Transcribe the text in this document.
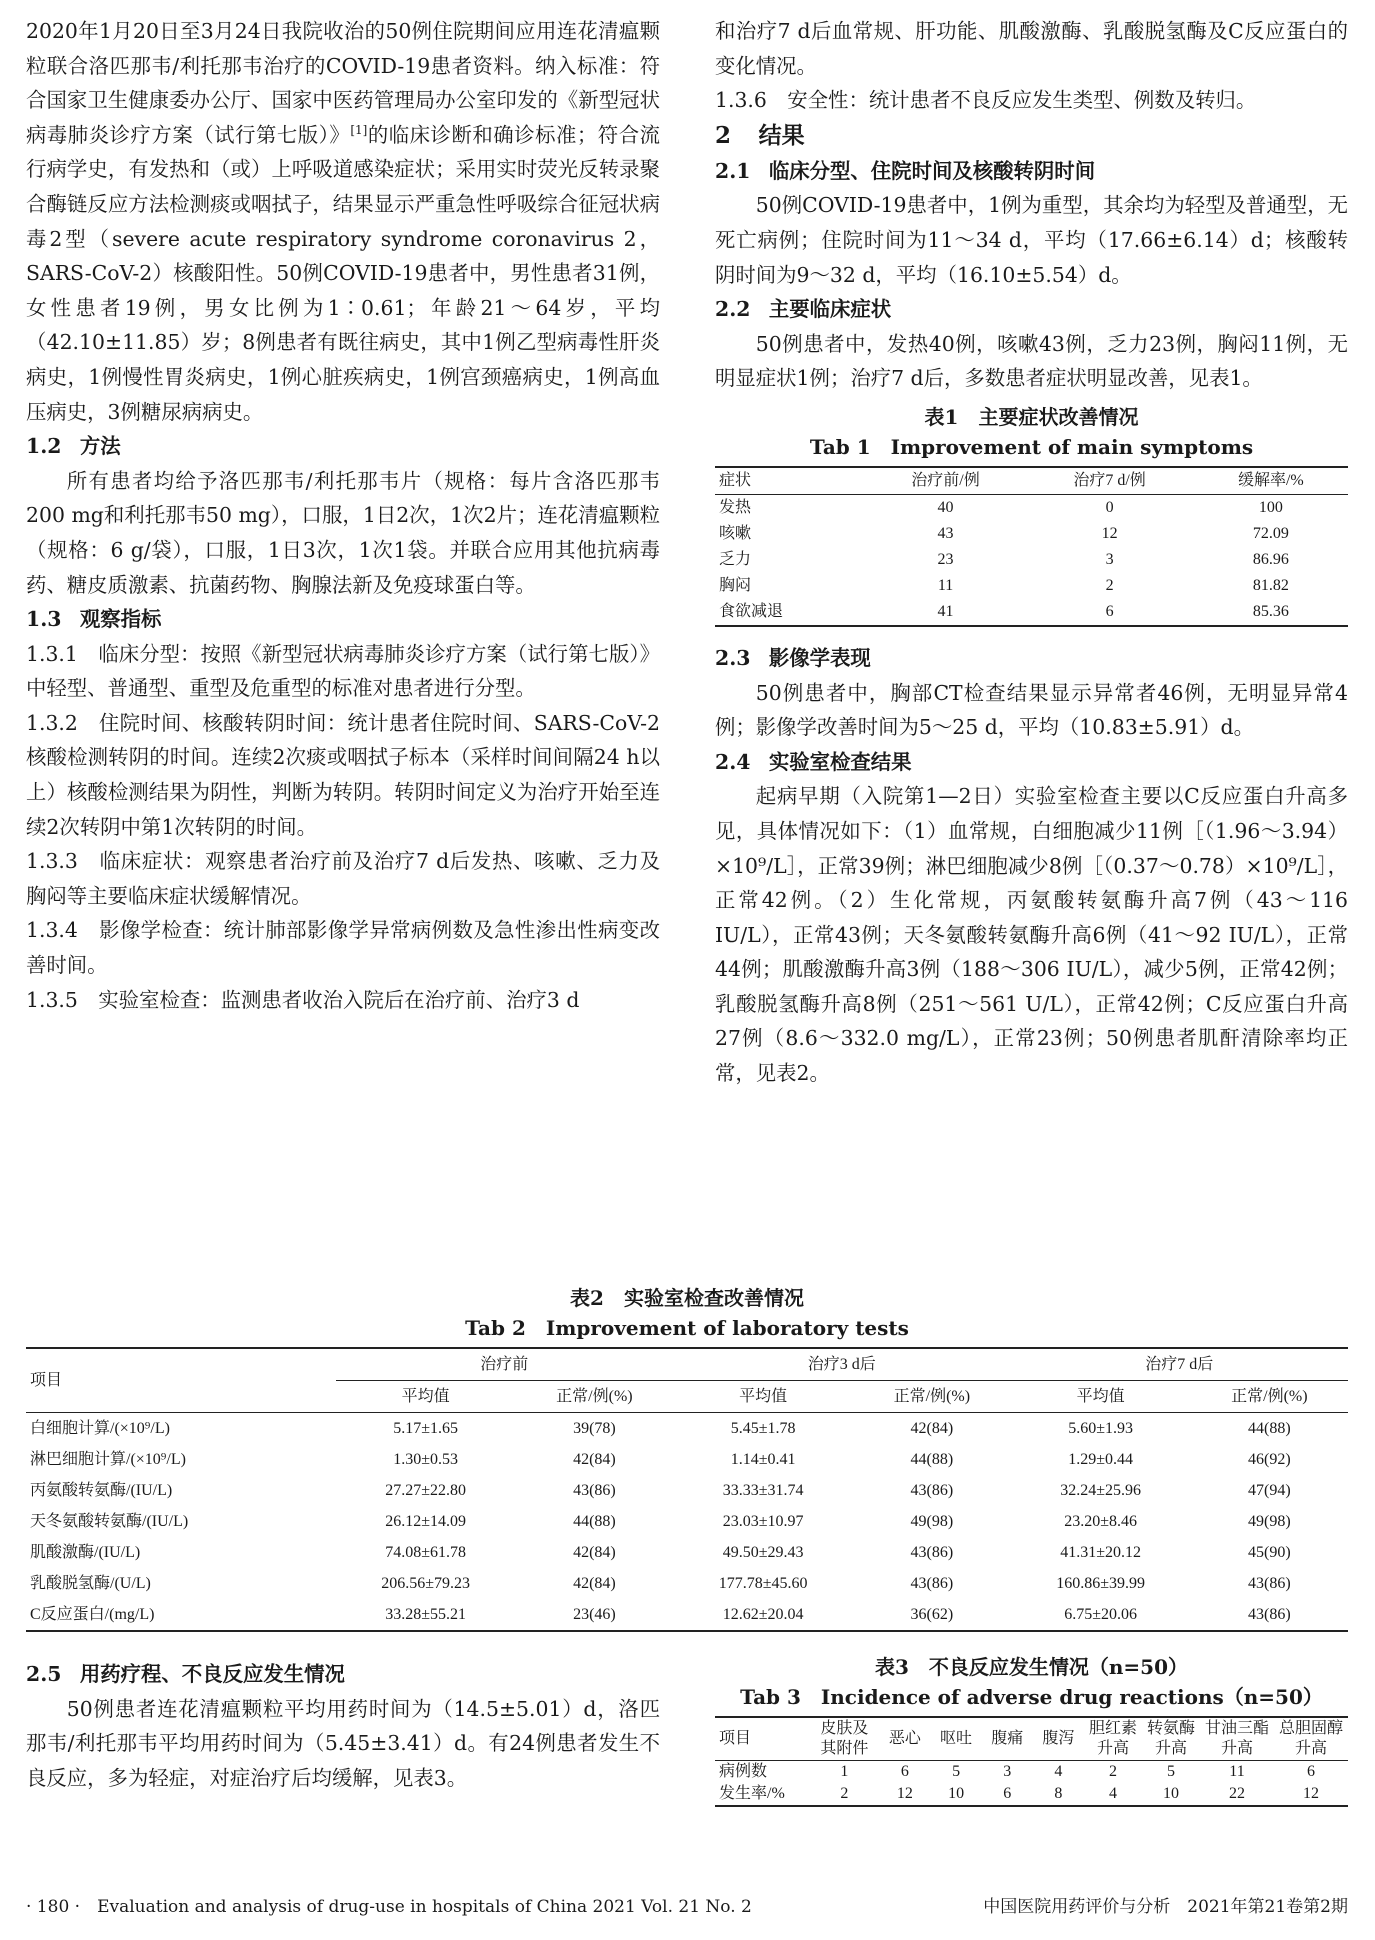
2020年1月20日至3月24日我院收治的50例住院期间应用连花清瘟颗粒联合洛匹那韦/利托那韦治疗的COVID-19患者资料。纳入标准：符合国家卫生健康委办公厅、国家中医药管理局办公室印发的《新型冠状病毒肺炎诊疗方案（试行第七版）》[1]的临床诊断和确诊标准；符合流行病学史，有发热和（或）上呼吸道感染症状；采用实时荧光反转录聚合酶链反应方法检测痰或咽拭子，结果显示严重急性呼吸综合征冠状病毒2型（severe acute respiratory syndrome coronavirus 2，SARS-CoV-2）核酸阳性。50例COVID-19患者中，男性患者31例，女性患者19例，男女比例为1∶0.61；年龄21～64岁，平均（42.10±11.85）岁；8例患者有既往病史，其中1例乙型病毒性肝炎病史，1例慢性胃炎病史，1例心脏疾病史，1例宫颈癌病史，1例高血压病史，3例糖尿病病史。

1.2 方法

所有患者均给予洛匹那韦/利托那韦片（规格：每片含洛匹那韦200 mg和利托那韦50 mg），口服，1日2次，1次2片；连花清瘟颗粒（规格：6 g/袋），口服，1日3次，1次1袋。并联合应用其他抗病毒药、糖皮质激素、抗菌药物、胸腺法新及免疫球蛋白等。

1.3 观察指标

1.3.1　临床分型：按照《新型冠状病毒肺炎诊疗方案（试行第七版）》中轻型、普通型、重型及危重型的标准对患者进行分型。

1.3.2　住院时间、核酸转阴时间：统计患者住院时间、SARS-CoV-2核酸检测转阴的时间。连续2次痰或咽拭子标本（采样时间间隔24 h以上）核酸检测结果为阴性，判断为转阴。转阴时间定义为治疗开始至连续2次转阴中第1次转阴的时间。

1.3.3　临床症状：观察患者治疗前及治疗7 d后发热、咳嗽、乏力及胸闷等主要临床症状缓解情况。

1.3.4　影像学检查：统计肺部影像学异常病例数及急性渗出性病变改善时间。

1.3.5　实验室检查：监测患者收治入院后在治疗前、治疗3 d

和治疗7 d后血常规、肝功能、肌酸激酶、乳酸脱氢酶及C反应蛋白的变化情况。

1.3.6　安全性：统计患者不良反应发生类型、例数及转归。

2 结果

2.1 临床分型、住院时间及核酸转阴时间

50例COVID-19患者中，1例为重型，其余均为轻型及普通型，无死亡病例；住院时间为11～34 d，平均（17.66±6.14）d；核酸转阴时间为9～32 d，平均（16.10±5.54）d。

2.2 主要临床症状

50例患者中，发热40例，咳嗽43例，乏力23例，胸闷11例，无明显症状1例；治疗7 d后，多数患者症状明显改善，见表1。

表1　主要症状改善情况
Tab 1　Improvement of main symptoms
症状	治疗前/例	治疗7 d/例	缓解率/%
发热	40	0	100
咳嗽	43	12	72.09
乏力	23	3	86.96
胸闷	11	2	81.82
食欲减退	41	6	85.36

2.3 影像学表现

50例患者中，胸部CT检查结果显示异常者46例，无明显异常4例；影像学改善时间为5～25 d，平均（10.83±5.91）d。

2.4 实验室检查结果

起病早期（入院第1—2日）实验室检查主要以C反应蛋白升高多见，具体情况如下：（1）血常规，白细胞减少11例［（1.96～3.94）×10⁹/L］，正常39例；淋巴细胞减少8例［（0.37～0.78）×10⁹/L］，正常42例。（2）生化常规，丙氨酸转氨酶升高7例（43～116 IU/L），正常43例；天冬氨酸转氨酶升高6例（41～92 IU/L），正常44例；肌酸激酶升高3例（188～306 IU/L），减少5例，正常42例；乳酸脱氢酶升高8例（251～561 U/L），正常42例；C反应蛋白升高27例（8.6～332.0 mg/L），正常23例；50例患者肌酐清除率均正常，见表2。

表2　实验室检查改善情况
Tab 2　Improvement of laboratory tests
项目	治疗前		治疗3 d后		治疗7 d后	
	平均值	正常/例(%)	平均值	正常/例(%)	平均值	正常/例(%)
白细胞计算/(×10⁹/L)	5.17±1.65	39(78)	5.45±1.78	42(84)	5.60±1.93	44(88)
淋巴细胞计算/(×10⁹/L)	1.30±0.53	42(84)	1.14±0.41	44(88)	1.29±0.44	46(92)
丙氨酸转氨酶/(IU/L)	27.27±22.80	43(86)	33.33±31.74	43(86)	32.24±25.96	47(94)
天冬氨酸转氨酶/(IU/L)	26.12±14.09	44(88)	23.03±10.97	49(98)	23.20±8.46	49(98)
肌酸激酶/(IU/L)	74.08±61.78	42(84)	49.50±29.43	43(86)	41.31±20.12	45(90)
乳酸脱氢酶/(U/L)	206.56±79.23	42(84)	177.78±45.60	43(86)	160.86±39.99	43(86)
C反应蛋白/(mg/L)	33.28±55.21	23(46)	12.62±20.04	36(62)	6.75±20.06	43(86)

2.5 用药疗程、不良反应发生情况

50例患者连花清瘟颗粒平均用药时间为（14.5±5.01）d，洛匹那韦/利托那韦平均用药时间为（5.45±3.41）d。有24例患者发生不良反应，多为轻症，对症治疗后均缓解，见表3。

表3　不良反应发生情况（n=50）
Tab 3　Incidence of adverse drug reactions（n=50）
项目	皮肤及其附件	恶心	呕吐	腹痛	腹泻	胆红素升高	转氨酶升高	甘油三酯升高	总胆固醇升高
病例数	1	6	5	3	4	2	5	11	6
发生率/%	2	12	10	6	8	4	10	22	12
· 180 ·　Evaluation and analysis of drug-use in hospitals of China 2021 Vol. 21 No. 2	中国医院用药评价与分析　2021年第21卷第2期
